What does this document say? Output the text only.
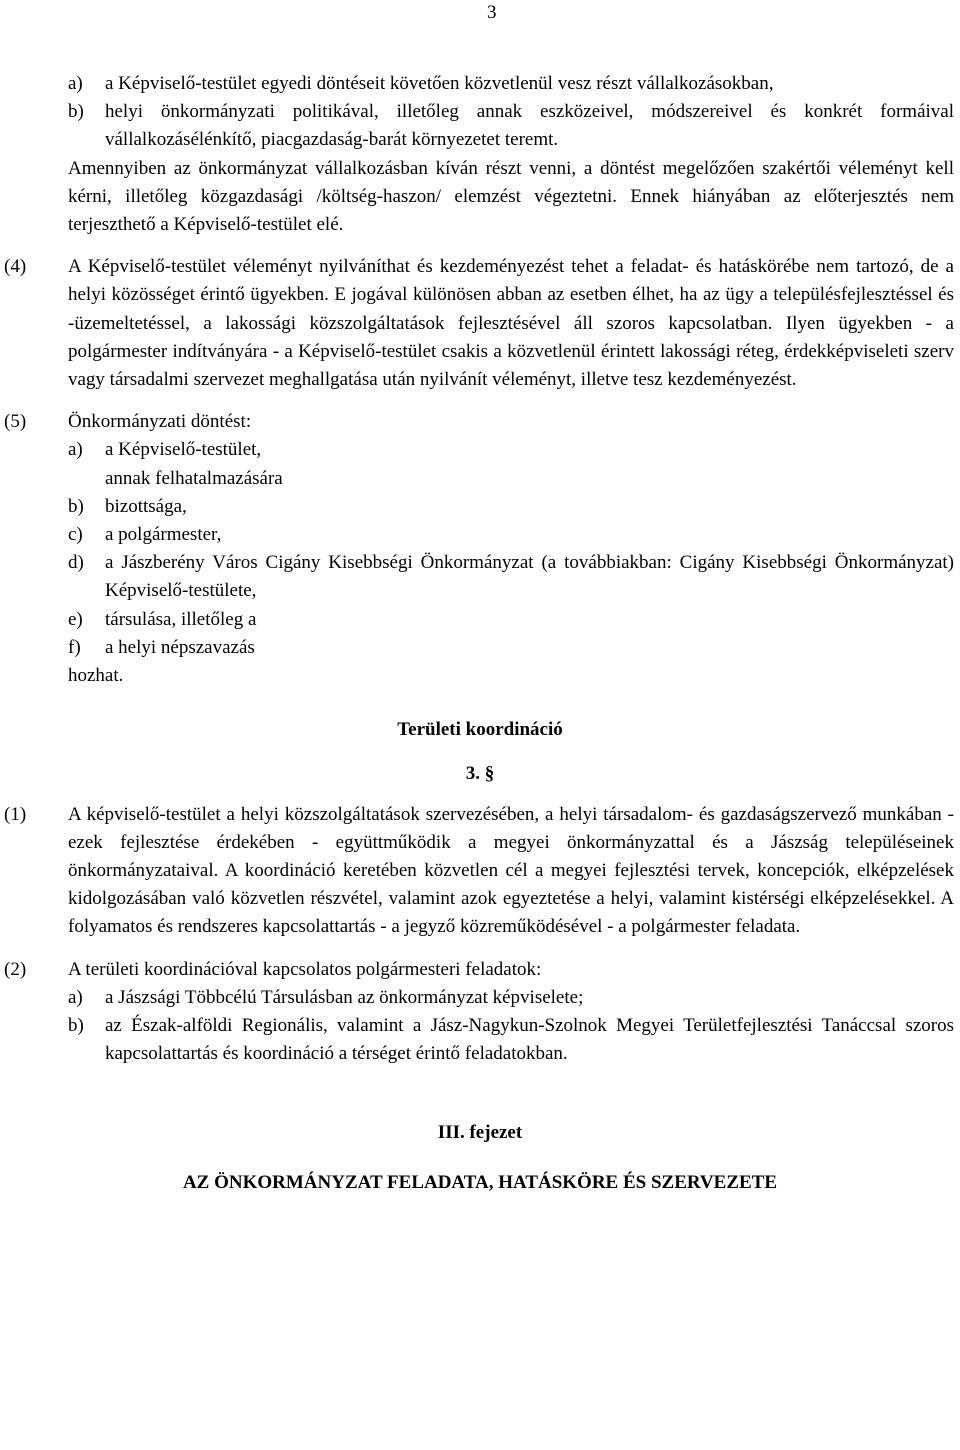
3
a)	a Képviselő-testület egyedi döntéseit követően közvetlenül vesz részt vállalkozásokban,
b)	helyi önkormányzati politikával, illetőleg annak eszközeivel, módszereivel és konkrét formáival vállalkozásélénkítő, piacgazdaság-barát környezetet teremt.
Amennyiben az önkormányzat vállalkozásban kíván részt venni, a döntést megelőzően szakértői véleményt kell kérni, illetőleg közgazdasági /költség-haszon/ elemzést végeztetni. Ennek hiányában az előterjesztés nem terjeszthető a Képviselő-testület elé.
(4)	A Képviselő-testület véleményt nyilváníthat és kezdeményezést tehet a feladat- és hatáskörébe nem tartozó, de a helyi közösséget érintő ügyekben. E jogával különösen abban az esetben élhet, ha az ügy a településfejlesztéssel és -üzemeltetéssel, a lakossági közszolgáltatások fejlesztésével áll szoros kapcsolatban. Ilyen ügyekben - a polgármester indítványára - a Képviselő-testület csakis a közvetlenül érintett lakossági réteg, érdekképviseleti szerv vagy társadalmi szervezet meghallgatása után nyilvánít véleményt, illetve tesz kezdeményezést.
(5)	Önkormányzati döntést:
a)	a Képviselő-testület,
annak felhatalmazására
b)	bizottsága,
c)	a polgármester,
d)	a Jászberény Város Cigány Kisebbségi Önkormányzat (a továbbiakban: Cigány Kisebbségi Önkormányzat) Képviselő-testülete,
e)	társulása, illetőleg a
f)	a helyi népszavazás
hozhat.
Területi koordináció
3. §
(1)	A képviselő-testület a helyi közszolgáltatások szervezésében, a helyi társadalom- és gazdaságszervező munkában - ezek fejlesztése érdekében - együttműködik a megyei önkormányzattal és a Jászság településeinek önkormányzataival. A koordináció keretében közvetlen cél a megyei fejlesztési tervek, koncepciók, elképzelések kidolgozásában való közvetlen részvétel, valamint azok egyeztetése a helyi, valamint kistérségi elképzelésekkel. A folyamatos és rendszeres kapcsolattartás - a jegyző közreműködésével - a polgármester feladata.
(2)	A területi koordinációval kapcsolatos polgármesteri feladatok:
a)	a Jászsági Többcélú Társulásban az önkormányzat képviselete;
b)	az Észak-alföldi Regionális, valamint a Jász-Nagykun-Szolnok Megyei Területfejlesztési Tanáccsal szoros kapcsolattartás és koordináció a térséget érintő feladatokban.
III. fejezet
AZ ÖNKORMÁNYZAT FELADATA, HATÁSKÖRE ÉS SZERVEZETE
